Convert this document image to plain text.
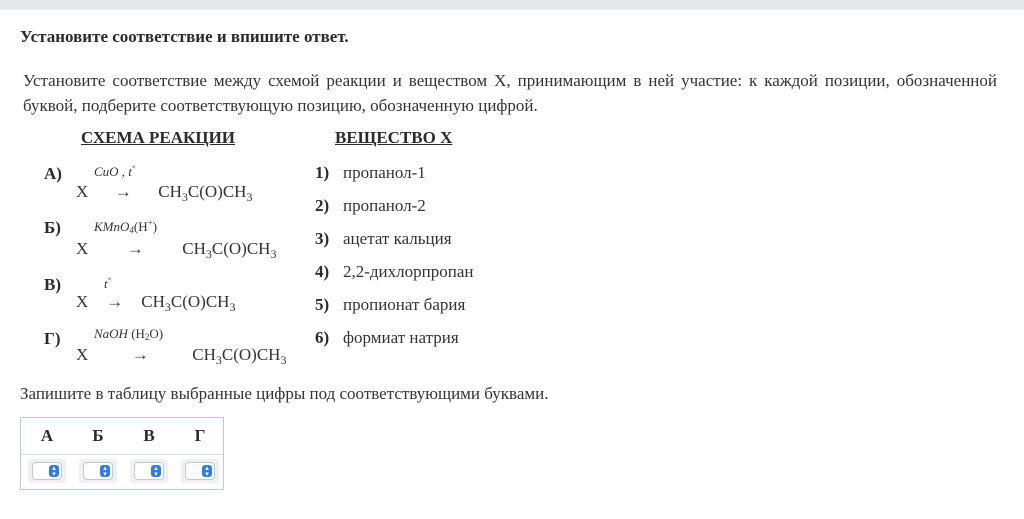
Установите соответствие и впишите ответ.
Установите соответствие между схемой реакции и веществом X, принимающим в ней участие: к каждой позиции, обозначенной буквой, подберите соответствующую позицию, обозначенную цифрой.
СХЕМА РЕАКЦИИ	ВЕЩЕСТВО X
А) CuO , t°
$X \to CH_3C(O)CH_3$
Б)	KMnO$_4$(H+)
$X \to CH_3C(O)CH_3$
В)	t°
$X \to CH_3C(O)CH_3$
Г)	NaOH $(H_2O)$
X	→	$CH_3C(O)CH_3$
1) пропанол-1
2) пропанол-2
3) ацетат кальция
4) 2,2-дихлорпропан
5) пропионат бария
6) формиат натрия
Запишите в таблицу выбранные цифры под соответствующими буквами.
А	Б	В	Г
▴
▾
▴
▾
▴
▾
▴
▾
